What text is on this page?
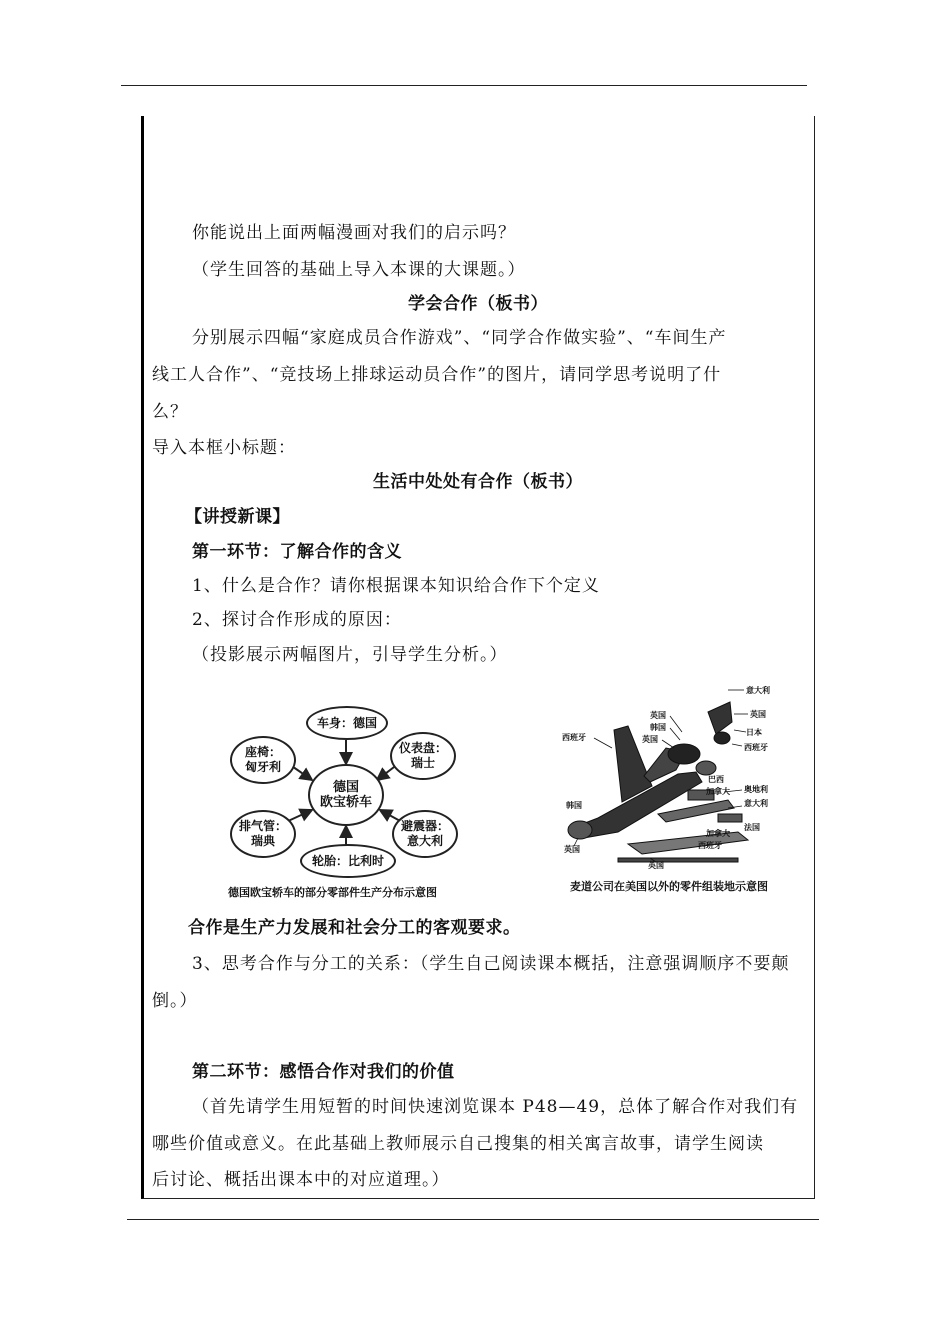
你能说出上面两幅漫画对我们的启示吗？
（学生回答的基础上导入本课的大课题。）
学会合作（板书）
分别展示四幅“家庭成员合作游戏”、“同学合作做实验”、“车间生产
线工人合作”、“竞技场上排球运动员合作”的图片，请同学思考说明了什
么？
导入本框小标题：
生活中处处有合作（板书）
【讲授新课】
第一环节：了解合作的含义
1、什么是合作？请你根据课本知识给合作下个定义
2、探讨合作形成的原因：
（投影展示两幅图片，引导学生分析。）
车身：德国
仪表盘：
瑞士
避震器：
意大利
轮胎：比利时
排气管：
瑞典
座椅：
匈牙利
德国
欧宝轿车
德国欧宝轿车的部分零部件生产分布示意图
意大利
英国
日本
西班牙
英国
韩国
英国
西班牙
巴西
加拿大 奥地利
意大利
法国
加拿大
西班牙
英国
英国
韩国
麦道公司在美国以外的零件组装地示意图
合作是生产力发展和社会分工的客观要求。
3、思考合作与分工的关系：（学生自己阅读课本概括，注意强调顺序不要颠
倒。）
第二环节：感悟合作对我们的价值
（首先请学生用短暂的时间快速浏览课本 P48—49，总体了解合作对我们有
哪些价值或意义。在此基础上教师展示自己搜集的相关寓言故事，请学生阅读
后讨论、概括出课本中的对应道理。）
